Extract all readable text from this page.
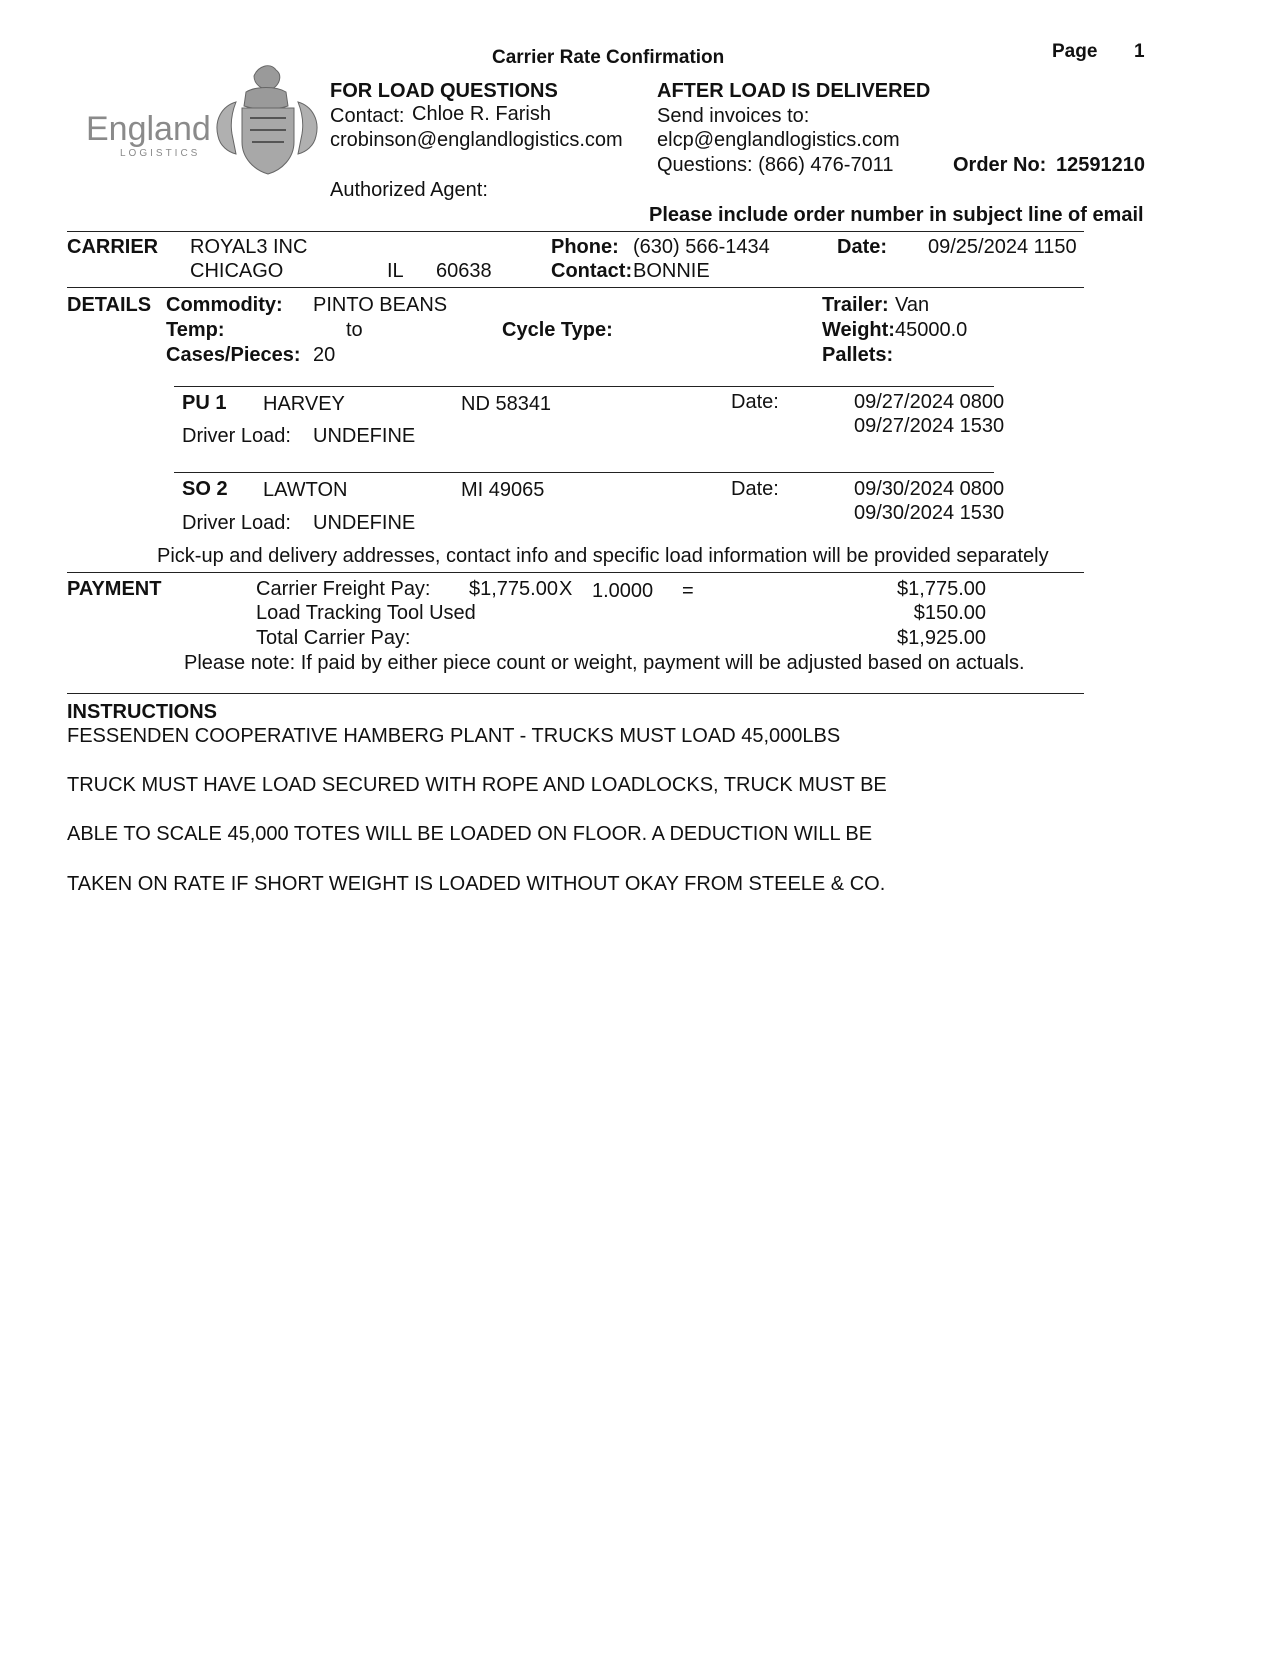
England
LOGISTICS
Carrier Rate Confirmation	Page 1
FOR LOAD QUESTIONS
Contact: Chloe R. Farish
crobinson@englandlogistics.com
Authorized Agent:
AFTER LOAD IS DELIVERED
Send invoices to:
elcp@englandlogistics.com
Questions: (866) 476-7011	Order No: 12591210
Please include order number in subject line of email
CARRIER ROYAL3 INC
CHICAGO	IL 60638
Phone: (630) 566-1434
Contact: BONNIE
Date: 09/25/2024 1150
DETAILS Commodity: PINTO BEANS
Temp:	to	Cycle Type:
Cases/Pieces: 20
Trailer: Van
Weight: 45000.0
Pallets:
PU 1 HARVEY	ND 58341	Date:	09/27/2024 0800
09/27/2024 1530
Driver Load: UNDEFINE
SO 2 LAWTON	MI 49065	Date:	09/30/2024 0800
09/30/2024 1530
Driver Load: UNDEFINE
Pick-up and delivery addresses, contact info and specific load information will be provided separately
PAYMENT	Carrier Freight Pay: $1,775.00 X 1.0000 =	$1,775.00
Load Tracking Tool Used	$150.00
Total Carrier Pay:	$1,925.00
Please note: If paid by either piece count or weight, payment will be adjusted based on actuals.
INSTRUCTIONS
FESSENDEN COOPERATIVE HAMBERG PLANT - TRUCKS MUST LOAD 45,000LBS
TRUCK MUST HAVE LOAD SECURED WITH ROPE AND LOADLOCKS, TRUCK MUST BE
ABLE TO SCALE 45,000 TOTES WILL BE LOADED ON FLOOR. A DEDUCTION WILL BE
TAKEN ON RATE IF SHORT WEIGHT IS LOADED WITHOUT OKAY FROM STEELE & CO.
